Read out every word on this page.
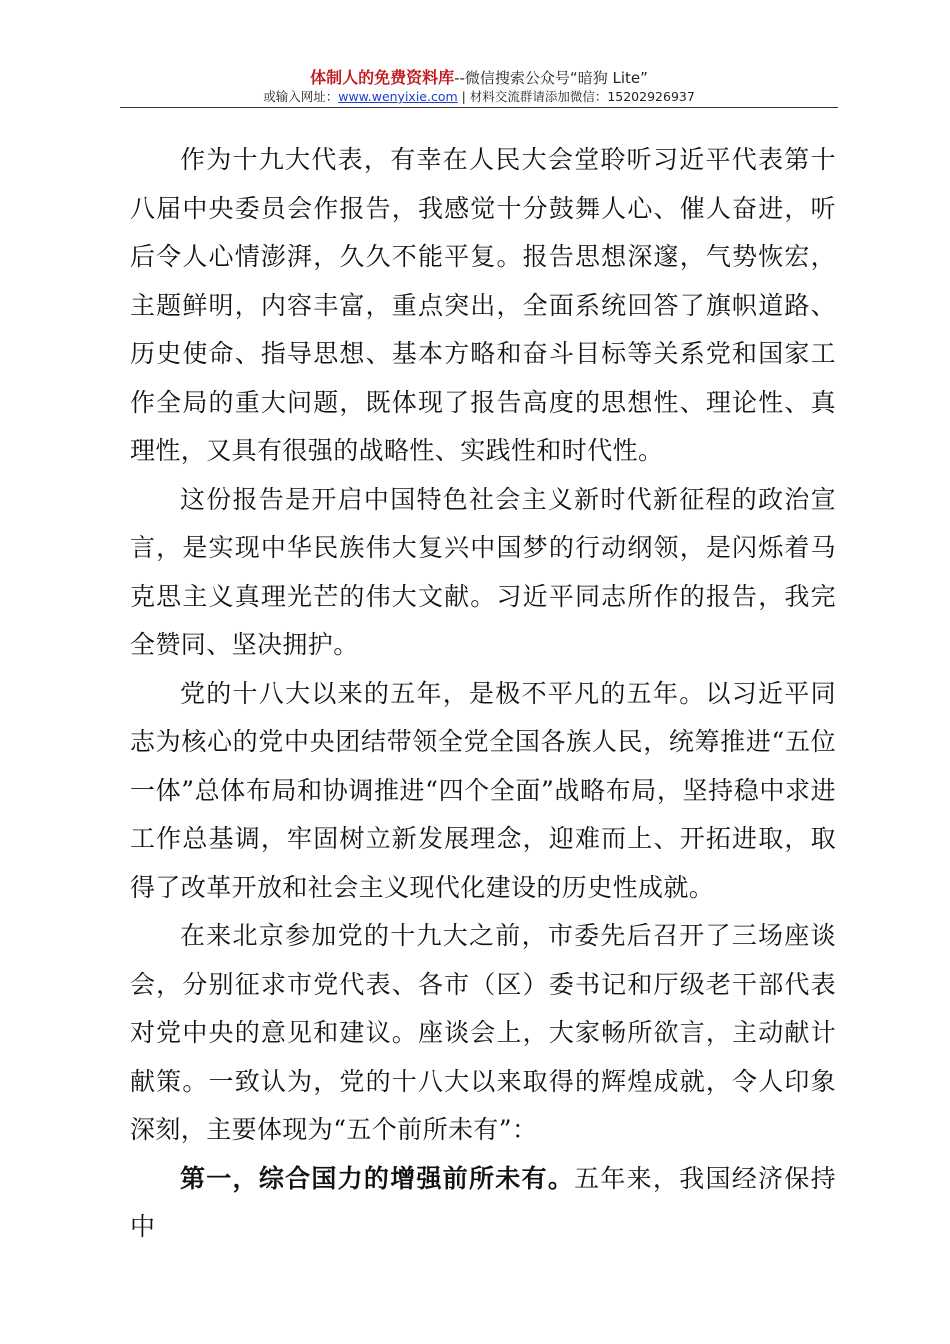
体制人的免费资料库--微信搜索公众号“暗狗 Lite”
或输入网址：www.wenyixie.com | 材料交流群请添加微信：15202926937

作为十九大代表，有幸在人民大会堂聆听习近平代表第十八届中央委员会作报告，我感觉十分鼓舞人心、催人奋进，听后令人心情澎湃，久久不能平复。报告思想深邃，气势恢宏，主题鲜明，内容丰富，重点突出，全面系统回答了旗帜道路、历史使命、指导思想、基本方略和奋斗目标等关系党和国家工作全局的重大问题，既体现了报告高度的思想性、理论性、真理性，又具有很强的战略性、实践性和时代性。

这份报告是开启中国特色社会主义新时代新征程的政治宣言，是实现中华民族伟大复兴中国梦的行动纲领，是闪烁着马克思主义真理光芒的伟大文献。习近平同志所作的报告，我完全赞同、坚决拥护。

党的十八大以来的五年，是极不平凡的五年。以习近平同志为核心的党中央团结带领全党全国各族人民，统筹推进“五位一体”总体布局和协调推进“四个全面”战略布局，坚持稳中求进工作总基调，牢固树立新发展理念，迎难而上、开拓进取，取得了改革开放和社会主义现代化建设的历史性成就。

在来北京参加党的十九大之前，市委先后召开了三场座谈会，分别征求市党代表、各市（区）委书记和厅级老干部代表对党中央的意见和建议。座谈会上，大家畅所欲言，主动献计献策。一致认为，党的十八大以来取得的辉煌成就，令人印象深刻，主要体现为“五个前所未有”：

第一，综合国力的增强前所未有。五年来，我国经济保持中
